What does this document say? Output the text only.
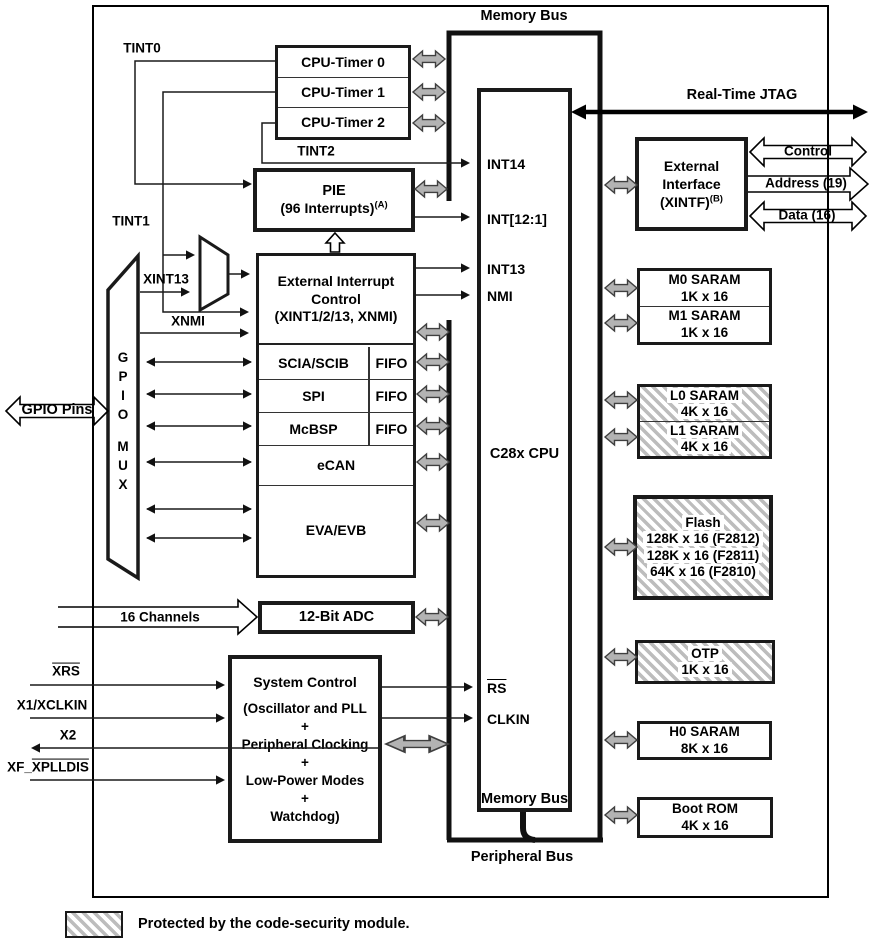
CPU-Timer 0
CPU-Timer 1
CPU-Timer 2
PIE
(96 Interrupts)$^{(A)}$
External Interrupt
Control
(XINT1/2/13, XNMI)
SCIA/SCIB	FIFO
SPI	FIFO
McBSP	FIFO
eCAN
EVA/EVB
12-Bit ADC
System Control
(Oscillator and PLL
+
Peripheral Clocking
+
Low-Power Modes
+
Watchdog)
INT14
INT[12:1]
INT13
NMI
C28x CPU
$\overline{RS}$
CLKIN
Memory Bus
External
Interface
(XINTF)$^{(B)}$
M0 SARAM
1K x 16
M1 SARAM
1K x 16
L0 SARAM
4K x 16
L1 SARAM
4K x 16
Flash
128K x 16 (F2812)
128K x 16 (F2811)
64K x 16 (F2810)
OTP
1K x 16
H0 SARAM
8K x 16
Boot ROM
4K x 16
Protected by the code-security module.
G
P
I
O
M
U
X
Memory Bus
Real-Time JTAG
Peripheral Bus
TINT0
TINT1
TINT2
XINT13
XNMI
GPIO Pins
16 Channels
$\overline{XRS}$
X1/XCLKIN
X2
XF_XPLLDIS
Control
Address (19)
Data (16)
